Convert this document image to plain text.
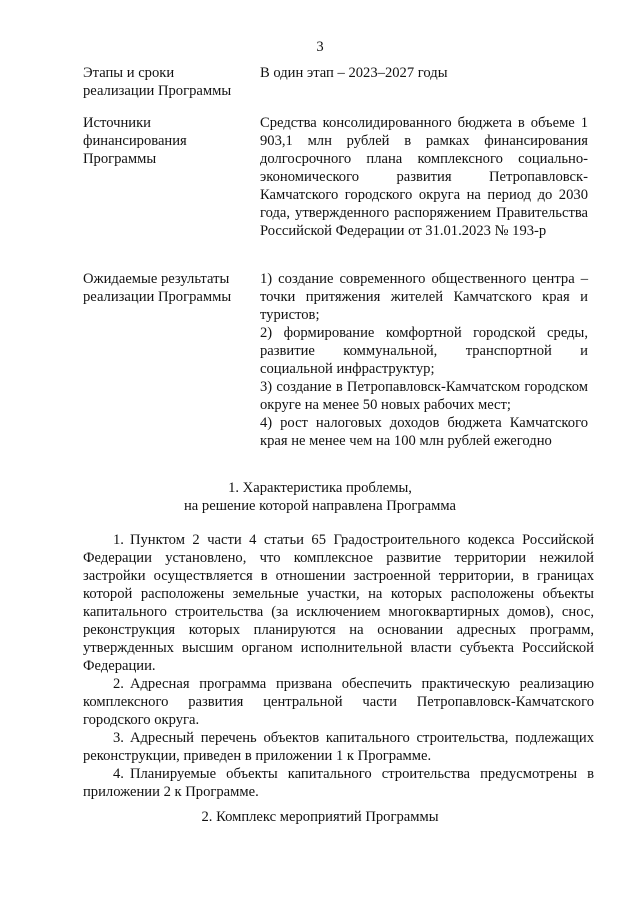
3
Этапы и сроки
реализации Программы
В один этап – 2023–2027 годы
Источники
финансирования
Программы
Средства консолидированного бюджета в объеме 1 903,1 млн рублей в рамках финансирования долгосрочного плана комплексного социально-экономического развития Петропавловск-Камчатского городского округа на период до 2030 года, утвержденного распоряжением Правительства Российской Федерации от 31.01.2023 № 193-р
Ожидаемые результаты
реализации Программы
1) создание современного общественного центра – точки притяжения жителей Камчатского края и туристов;
2) формирование комфортной городской среды, развитие коммунальной, транспортной и социальной инфраструктур;
3) создание в Петропавловск-Камчатском городском округе на менее 50 новых рабочих мест;
4) рост налоговых доходов бюджета Камчатского края не менее чем на 100 млн рублей ежегодно
1. Характеристика проблемы,
на решение которой направлена Программа

1. Пунктом 2 части 4 статьи 65 Градостроительного кодекса Российской Федерации установлено, что комплексное развитие территории нежилой застройки осуществляется в отношении застроенной территории, в границах которой расположены земельные участки, на которых расположены объекты капитального строительства (за исключением многоквартирных домов), снос, реконструкция которых планируются на основании адресных программ, утвержденных высшим органом исполнительной власти субъекта Российской Федерации.

2. Адресная программа призвана обеспечить практическую реализацию комплексного развития центральной части Петропавловск-Камчатского городского округа.

3. Адресный перечень объектов капитального строительства, подлежащих реконструкции, приведен в приложении 1 к Программе.

4. Планируемые объекты капитального строительства предусмотрены в приложении 2 к Программе.

2. Комплекс мероприятий Программы
